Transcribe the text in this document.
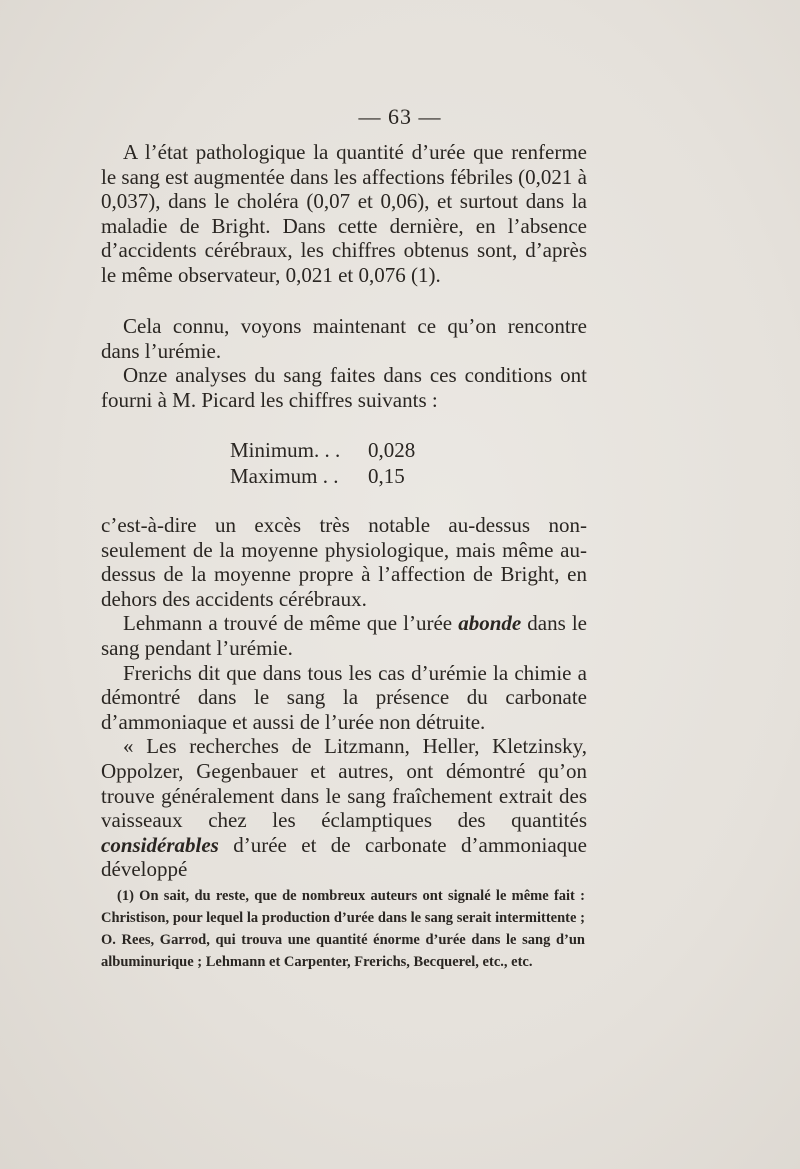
— 63 —

A l’état pathologique la quantité d’urée que renferme le sang est augmentée dans les affections fébriles (0,021 à 0,037), dans le choléra (0,07 et 0,06), et surtout dans la maladie de Bright. Dans cette dernière, en l’absence d’accidents cérébraux, les chiffres obtenus sont, d’après le même observateur, 0,021 et 0,076 (1).

Cela connu, voyons maintenant ce qu’on rencontre dans l’urémie.

Onze analyses du sang faites dans ces conditions ont fourni à M. Picard les chiffres suivants :

Minimum. . .	0,028
Maximum . .	0,15

c’est-à-dire un excès très notable au-dessus non-seulement de la moyenne physiologique, mais même au-dessus de la moyenne propre à l’affection de Bright, en dehors des accidents cérébraux.

Lehmann a trouvé de même que l’urée abonde dans le sang pendant l’urémie.

Frerichs dit que dans tous les cas d’urémie la chimie a démontré dans le sang la présence du carbonate d’ammoniaque et aussi de l’urée non détruite.

« Les recherches de Litzmann, Heller, Kletzinsky, Oppolzer, Gegenbauer et autres, ont démontré qu’on trouve généralement dans le sang fraîchement extrait des vaisseaux chez les éclamptiques des quantités considérables d’urée et de carbonate d’ammoniaque développé

(1) On sait, du reste, que de nombreux auteurs ont signalé le même fait : Christison, pour lequel la production d’urée dans le sang serait intermittente ; O. Rees, Garrod, qui trouva une quantité énorme d’urée dans le sang d’un albuminurique ; Lehmann et Carpenter, Frerichs, Becquerel, etc., etc.
